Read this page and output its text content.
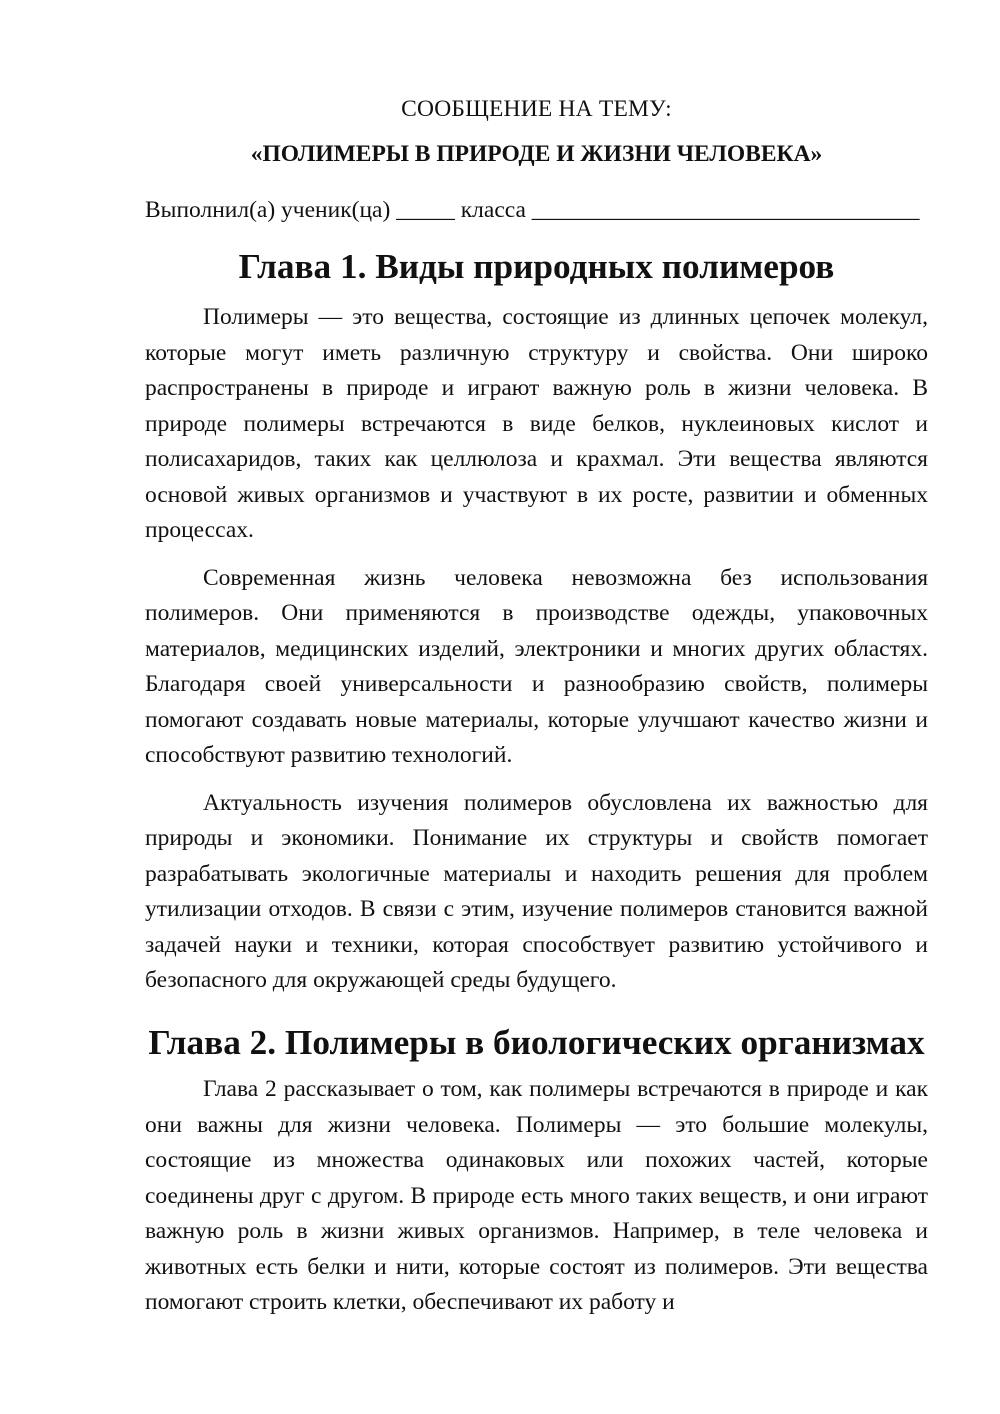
СООБЩЕНИЕ НА ТЕМУ:

«ПОЛИМЕРЫ В ПРИРОДЕ И ЖИЗНИ ЧЕЛОВЕКА»

Выполнил(а) ученик(ца) _____ класса _________________________________
Глава 1. Виды природных полимеров

Полимеры — это вещества, состоящие из длинных цепочек молекул, которые могут иметь различную структуру и свойства. Они широко распространены в природе и играют важную роль в жизни человека. В природе полимеры встречаются в виде белков, нуклеиновых кислот и полисахаридов, таких как целлюлоза и крахмал. Эти вещества являются основой живых организмов и участвуют в их росте, развитии и обменных процессах.

Современная жизнь человека невозможна без использования полимеров. Они применяются в производстве одежды, упаковочных материалов, медицинских изделий, электроники и многих других областях. Благодаря своей универсальности и разнообразию свойств, полимеры помогают создавать новые материалы, которые улучшают качество жизни и способствуют развитию технологий.

Актуальность изучения полимеров обусловлена их важностью для природы и экономики. Понимание их структуры и свойств помогает разрабатывать экологичные материалы и находить решения для проблем утилизации отходов. В связи с этим, изучение полимеров становится важной задачей науки и техники, которая способствует развитию устойчивого и безопасного для окружающей среды будущего.

Глава 2. Полимеры в биологических организмах

Глава 2 рассказывает о том, как полимеры встречаются в природе и как они важны для жизни человека. Полимеры — это большие молекулы, состоящие из множества одинаковых или похожих частей, которые соединены друг с другом. В природе есть много таких веществ, и они играют важную роль в жизни живых организмов. Например, в теле человека и животных есть белки и нити, которые состоят из полимеров. Эти вещества помогают строить клетки, обеспечивают их работу и
